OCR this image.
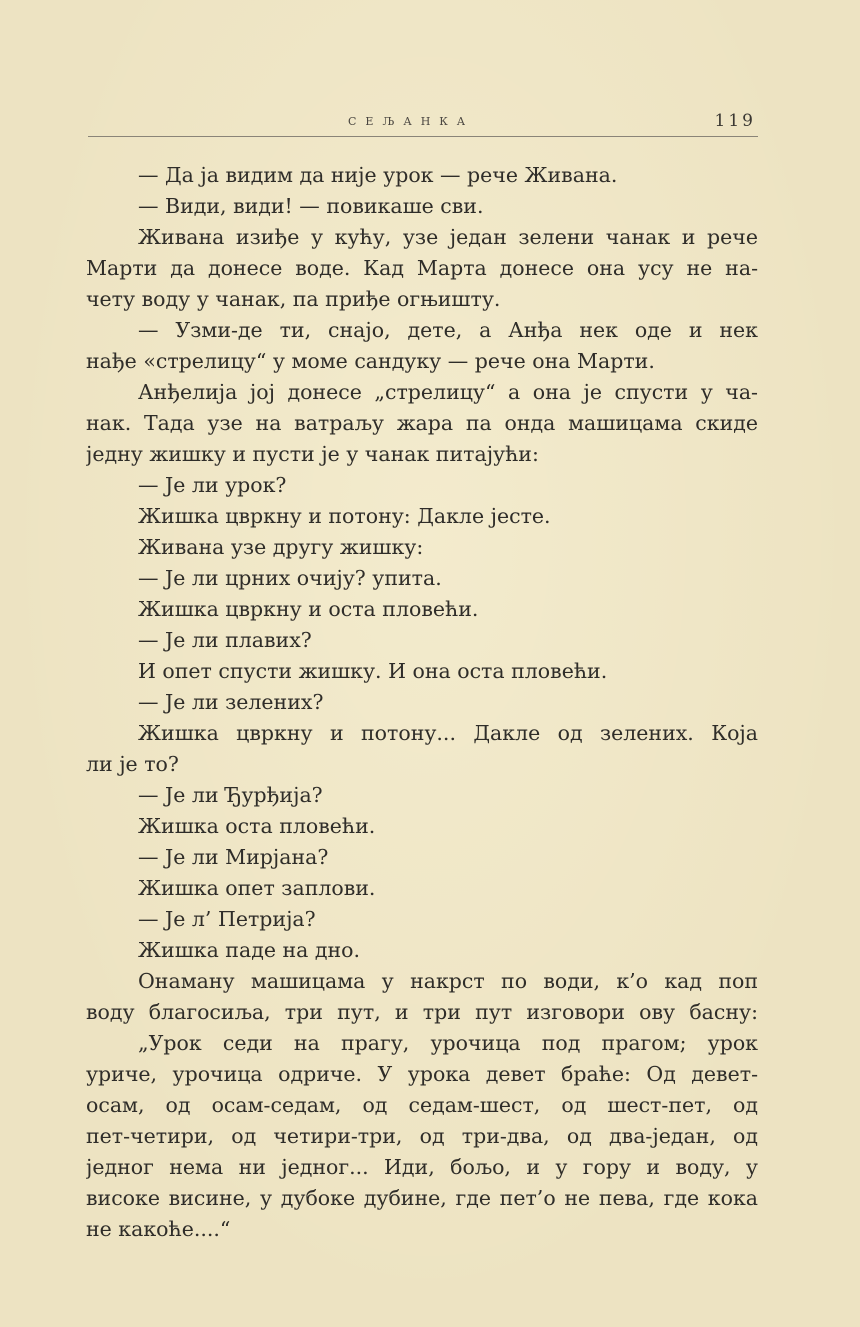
СЕЉАНКА	119
— Да ја видим да није урок — рече Живана.
— Види, види! — повикаше сви.
Живана изиђе у кућу, узе један зелени чанак и рече
Марти да донесе воде. Кад Марта донесе она усу не на-
чету воду у чанак, па приђе огњишту.
— Узми-де ти, снајо, дете, а Анђа нек оде и нек
нађе «стрелицу“ у моме сандуку — рече она Марти.
Анђелија јој донесе „стрелицу“ а она је спусти у ча-
нак. Тада узе на ватраљу жара па онда машицама скиде
једну жишку и пусти је у чанак питајући:
— Је ли урок?
Жишка цвркну и потону: Дакле јесте.
Живана узе другу жишку:
— Је ли црних очију? упита.
Жишка цвркну и оста пловећи.
— Је ли плавих?
И опет спусти жишку. И она оста пловећи.
— Је ли зелених?
Жишка цвркну и потону... Дакле од зелених. Која
ли је то?
— Је ли Ђурђија?
Жишка оста пловећи.
— Је ли Мирјана?
Жишка опет заплови.
— Је л’ Петрија?
Жишка паде на дно.
Онаману машицама у накрст по води, к’о кад поп
воду благосиља, три пут, и три пут изговори ову басну:
„Урок седи на прагу, урочица под прагом; урок
уриче, урочица одриче. У урока девет браће: Од девет-
осам, од осам-седам, од седам-шест, од шест-пет, од
пет-четири, од четири-три, од три-два, од два-један, од
једног нема ни једног... Иди, бољо, и у гору и воду, у
високе висине, у дубоке дубине, где пет’о не пева, где кока
не какоће....“
